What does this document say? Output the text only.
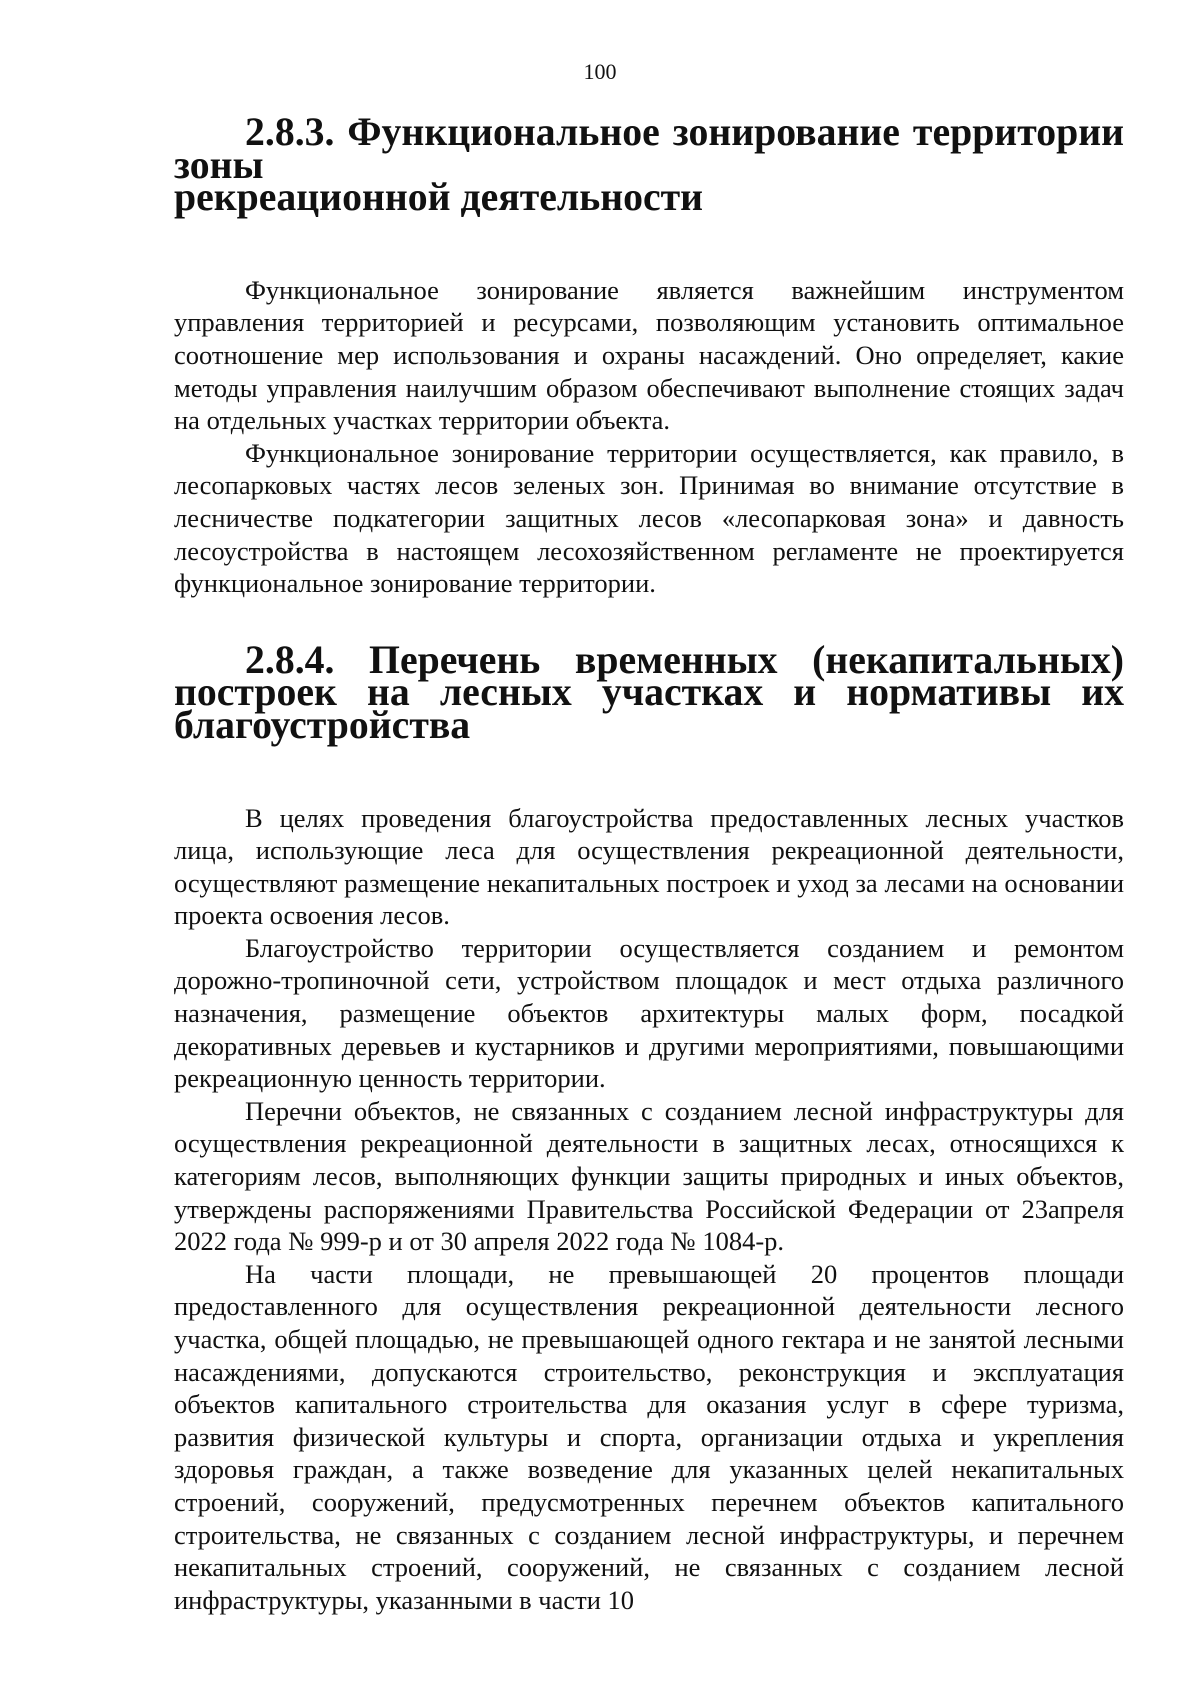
100
2.8.3. Функциональное зонирование территории зоны
рекреационной деятельности

Функциональное зонирование является важнейшим инструментом управления территорией и ресурсами, позволяющим установить оптимальное соотношение мер использования и охраны насаждений. Оно определяет, какие методы управления наилучшим образом обеспечивают выполнение стоящих задач на отдельных участках территории объекта.

Функциональное зонирование территории осуществляется, как правило, в лесопарковых частях лесов зеленых зон. Принимая во внимание отсутствие в лесничестве подкатегории защитных лесов «лесопарковая зона» и давность лесоустройства в настоящем лесохозяйственном регламенте не проектируется функциональное зонирование территории.

2.8.4. Перечень временных (некапитальных) построек на лесных участках и нормативы их благоустройства

В целях проведения благоустройства предоставленных лесных участков лица, использующие леса для осуществления рекреационной деятельности, осуществляют размещение некапитальных построек и уход за лесами на основании проекта освоения лесов.

Благоустройство территории осуществляется созданием и ремонтом дорожно-тропиночной сети, устройством площадок и мест отдыха различного назначения, размещение объектов архитектуры малых форм, посадкой декоративных деревьев и кустарников и другими мероприятиями, повышающими рекреационную ценность территории.

Перечни объектов, не связанных с созданием лесной инфраструктуры для осуществления рекреационной деятельности в защитных лесах, относящихся к категориям лесов, выполняющих функции защиты природных и иных объектов, утверждены распоряжениями Правительства Российской Федерации от 23апреля 2022 года № 999-р и от 30 апреля 2022 года № 1084-р.

На части площади, не превышающей 20 процентов площади предоставленного для осуществления рекреационной деятельности лесного участка, общей площадью, не превышающей одного гектара и не занятой лесными насаждениями, допускаются строительство, реконструкция и эксплуатация объектов капитального строительства для оказания услуг в сфере туризма, развития физической культуры и спорта, организации отдыха и укрепления здоровья граждан, а также возведение для указанных целей некапитальных строений, сооружений, предусмотренных перечнем объектов капитального строительства, не связанных с созданием лесной инфраструктуры, и перечнем некапитальных строений, сооружений, не связанных с созданием лесной инфраструктуры, указанными в части 10
